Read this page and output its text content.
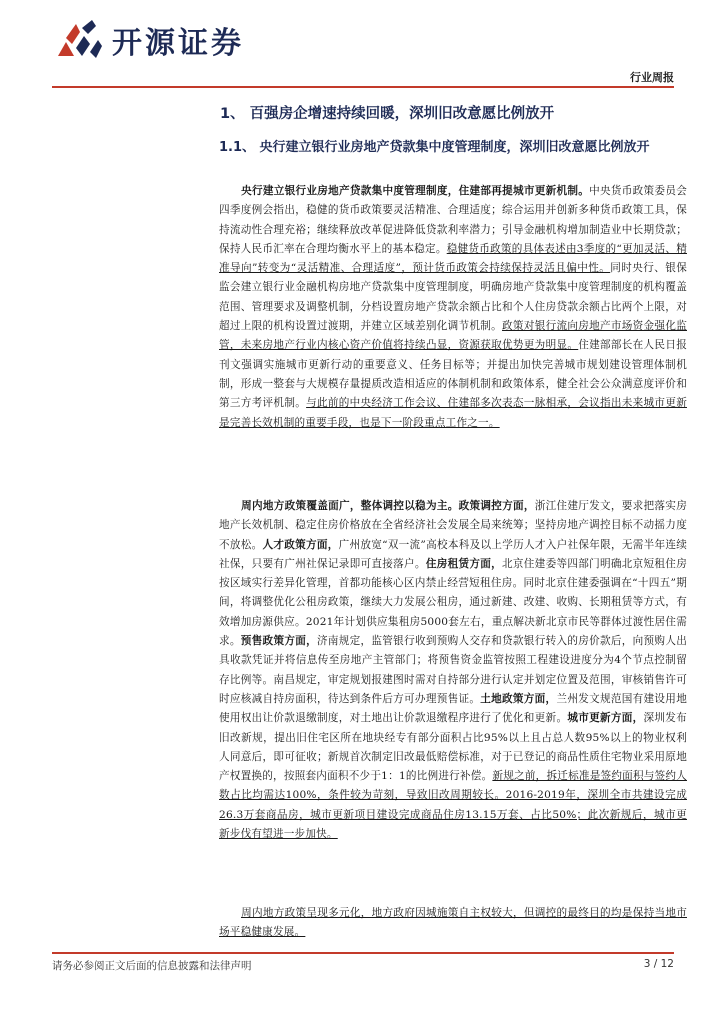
开源证券
行业周报
1、 百强房企增速持续回暖，深圳旧改意愿比例放开
1.1、 央行建立银行业房地产贷款集中度管理制度，深圳旧改意愿比例放开
央行建立银行业房地产贷款集中度管理制度，住建部再提城市更新机制。中央货币政策委员会四季度例会指出，稳健的货币政策要灵活精准、合理适度；综合运用并创新多种货币政策工具，保持流动性合理充裕；继续释放改革促进降低贷款利率潜力；引导金融机构增加制造业中长期贷款；保持人民币汇率在合理均衡水平上的基本稳定。稳健货币政策的具体表述由3季度的“更加灵活、精准导向”转变为“灵活精准、合理适度”，预计货币政策会持续保持灵活且偏中性。同时央行、银保监会建立银行业金融机构房地产贷款集中度管理制度，明确房地产贷款集中度管理制度的机构覆盖范围、管理要求及调整机制，分档设置房地产贷款余额占比和个人住房贷款余额占比两个上限，对超过上限的机构设置过渡期，并建立区域差别化调节机制。政策对银行流向房地产市场资金强化监管，未来房地产行业内核心资产价值将持续凸显，资源获取优势更为明显。住建部部长在人民日报刊文强调实施城市更新行动的重要意义、任务目标等；并提出加快完善城市规划建设管理体制机制，形成一整套与大规模存量提质改造相适应的体制机制和政策体系，健全社会公众满意度评价和第三方考评机制。与此前的中央经济工作会议、住建部多次表态一脉相承，会议指出未来城市更新是完善长效机制的重要手段，也是下一阶段重点工作之一。
周内地方政策覆盖面广，整体调控以稳为主。政策调控方面，浙江住建厅发文，要求把落实房地产长效机制、稳定住房价格放在全省经济社会发展全局来统筹；坚持房地产调控目标不动摇力度不放松。人才政策方面，广州放宽“双一流”高校本科及以上学历人才入户社保年限，无需半年连续社保，只要有广州社保记录即可直接落户。住房租赁方面，北京住建委等四部门明确北京短租住房按区域实行差异化管理，首都功能核心区内禁止经营短租住房。同时北京住建委强调在“十四五”期间，将调整优化公租房政策，继续大力发展公租房，通过新建、改建、收购、长期租赁等方式，有效增加房源供应。2021年计划供应集租房5000套左右，重点解决新北京市民等群体过渡性居住需求。预售政策方面，济南规定，监管银行收到预购人交存和贷款银行转入的房价款后，向预购人出具收款凭证并将信息传至房地产主管部门；将预售资金监管按照工程建设进度分为4个节点控制留存比例等。南昌规定，审定规划报建图时需对自持部分进行认定并划定位置及范围，审核销售许可时应核减自持房面积，待达到条件后方可办理预售证。土地政策方面，兰州发文规范国有建设用地使用权出让价款退缴制度，对土地出让价款退缴程序进行了优化和更新。城市更新方面，深圳发布旧改新规，提出旧住宅区所在地块经专有部分面积占比95%以上且占总人数95%以上的物业权利人同意后，即可征收；新规首次制定旧改最低赔偿标准，对于已登记的商品性质住宅物业采用原地产权置换的，按照套内面积不少于1：1的比例进行补偿。新规之前，拆迁标准是签约面积与签约人数占比均需达100%，条件较为苛刻，导致旧改周期较长。2016-2019年，深圳全市共建设完成26.3万套商品房，城市更新项目建设完成商品住房13.15万套、占比50%；此次新规后，城市更新步伐有望进一步加快。
周内地方政策呈现多元化，地方政府因城施策自主权较大，但调控的最终目的均是保持当地市场平稳健康发展。
请务必参阅正文后面的信息披露和法律声明	3 / 12
